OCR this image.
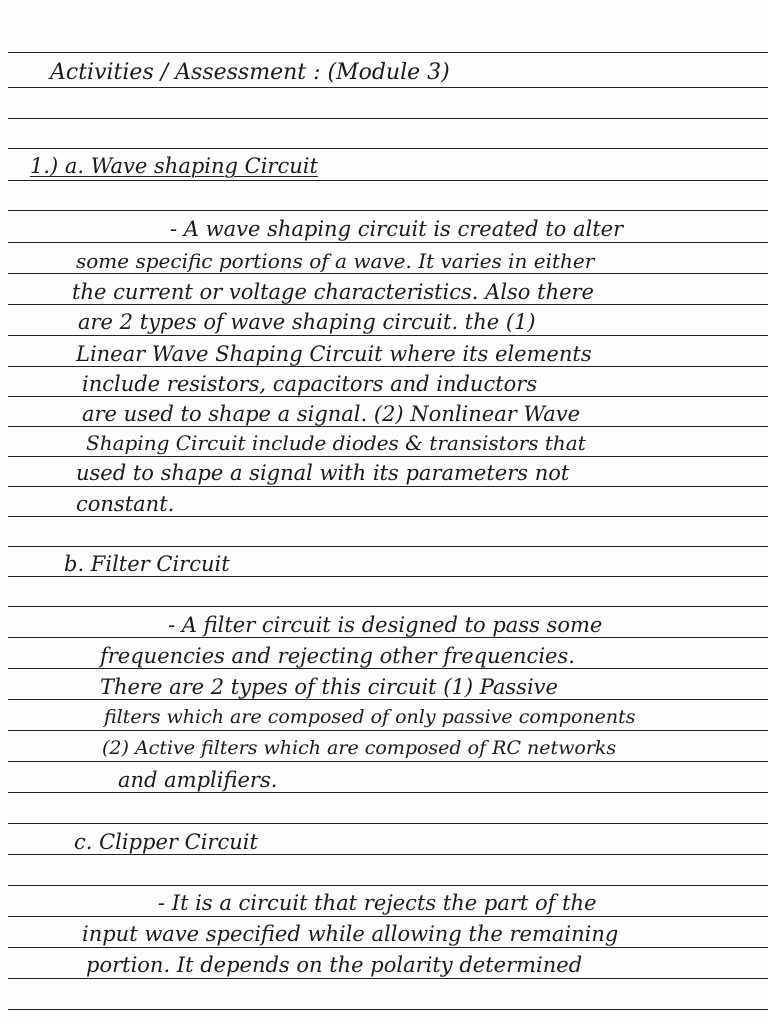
Activities / Assessment : (Module 3)
1.) a. Wave shaping Circuit
- A wave shaping circuit is created to alter
some specific portions of a wave. It varies in either
the current or voltage characteristics. Also there
are 2 types of wave shaping circuit. the (1)
Linear Wave Shaping Circuit where its elements
include resistors, capacitors and inductors
are used to shape a signal. (2) Nonlinear Wave
Shaping Circuit include diodes & transistors that
used to shape a signal with its parameters not
constant.
b. Filter Circuit
- A filter circuit is designed to pass some
frequencies and rejecting other frequencies.
There are 2 types of this circuit (1) Passive
filters which are composed of only passive components
(2) Active filters which are composed of RC networks
and amplifiers.
c. Clipper Circuit
- It is a circuit that rejects the part of the
input wave specified while allowing the remaining
portion. It depends on the polarity determined
